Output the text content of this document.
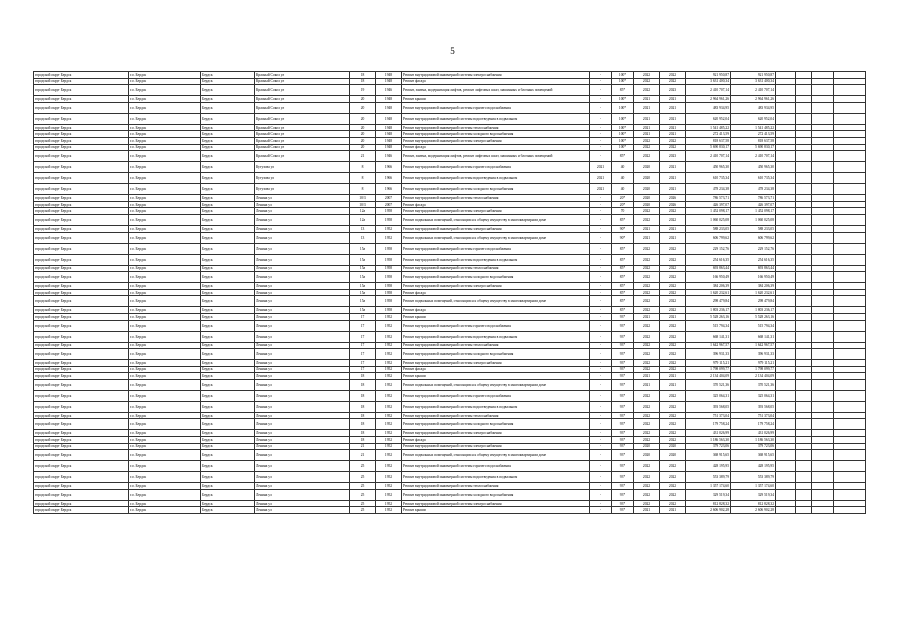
5
городской округ Бердск	г.о. Бердск	Бердск	Красный Сокол ул	18	1948	Ремонт внутридомовой инженерной системы электроснабжения	-	100*	2022	2022	921 950,87	921 950,87				
городской округ Бердск	г.о. Бердск	Бердск	Красный Сокол ул	18	1948	Ремонт фасада	-	100*	2022	2022	3 631 400,34	3 631 400,34				
городской округ Бердск	г.о. Бердск	Бердск	Красный Сокол ул	19	1946	Ремонт, замена, модернизация лифтов, ремонт лифтовых шахт, машинных и блочных помещений	-	85*	2022	2023	2 410 707,14	2 410 707,14				
городской округ Бердск	г.о. Бердск	Бердск	Красный Сокол ул	20	1948	Ремонт крыши	-	100*	2021	2021	2 964 961,26	2 964 961,26				
городской округ Бердск	г.о. Бердск	Бердск	Красный Сокол ул	20	1948	Ремонт внутридомовой инженерной системы горячего водоснабжения	-	100*	2021	2021	483 934,95	483 934,95				
городской округ Бердск	г.о. Бердск	Бердск	Красный Сокол ул	20	1948	Ремонт внутридомовой инженерной системы водоотведения в подвальном	-	100*	2021	2021	620 952,04	620 952,04				
городской округ Бердск	г.о. Бердск	Бердск	Красный Сокол ул	20	1948	Ремонт внутридомовой инженерной системы теплоснабжения	-	100*	2021	2021	1 541 485,22	1 541 485,22				
городской округ Бердск	г.о. Бердск	Бердск	Красный Сокол ул	20	1948	Ремонт внутридомовой инженерной системы холодного водоснабжения	-	100*	2021	2021	272 413,59	272 413,59				
городской округ Бердск	г.о. Бердск	Бердск	Красный Сокол ул	20	1948	Ремонт внутридомовой инженерной системы электроснабжения	-	100*	2022	2022	818 637,58	818 637,58				
городской округ Бердск	г.о. Бердск	Бердск	Красный Сокол ул	20	1948	Ремонт фасада	-	100*	2022	2022	5 690 830,17	5 690 830,17				
городской округ Бердск	г.о. Бердск	Бердск	Красный Сокол ул	21	1946	Ремонт, замена, модернизация лифтов, ремонт лифтовых шахт, машинных и блочных помещений	-	85*	2022	2023	2 410 707,14	2 410 707,14				
городской округ Бердск	г.о. Бердск	Бердск	Кутузова ул	8	1966	Ремонт внутридомовой инженерной системы горячего водоснабжения	2021	40	2020	2021	450 965,30	450 965,30				
городской округ Бердск	г.о. Бердск	Бердск	Кутузова ул	8	1966	Ремонт внутридомовой инженерной системы водоотведения в подвальном	2021	40	2020	2021	610 735,34	610 735,34				
городской округ Бердск	г.о. Бердск	Бердск	Кутузова ул	8	1966	Ремонт внутридомовой инженерной системы холодного водоснабжения	2021	40	2020	2021	478 234,38	478 234,38				
городской округ Бердск	г.о. Бердск	Бердск	Ленина ул	10/3	2007	Ремонт внутридомовой инженерной системы теплоснабжения	-	20*	2020	2026	786 573,71	786 573,71				
городской округ Бердск	г.о. Бердск	Бердск	Ленина ул	10/3	2007	Ремонт фасада	-	20*	2020	2026	426 397,07	426 397,07				
городской округ Бердск	г.о. Бердск	Бердск	Ленина ул	12а	1958	Ремонт внутридомовой инженерной системы электроснабжения	-	70	2022	2022	1 452 098,17	1 452 098,17				
городской округ Бердск	г.о. Бердск	Бердск	Ленина ул	12а	1958	Ремонт подвальных помещений, относящихся к общему имуществу в многоквартирном доме	-	85*	2022	2022	1 060 025,08	1 060 025,08				
городской округ Бердск	г.о. Бердск	Бердск	Ленина ул	13	1952	Ремонт внутридомовой инженерной системы электроснабжения	-	90*	2021	2021	588 233,05	588 233,05				
городской округ Бердск	г.о. Бердск	Бердск	Ленина ул	13	1952	Ремонт подвальных помещений, относящихся к общему имуществу в многоквартирном доме	-	90*	2021	2021	606 799,62	606 799,62				
городской округ Бердск	г.о. Бердск	Бердск	Ленина ул	15а	1958	Ремонт внутридомовой инженерной системы горячего водоснабжения	-	85*	2022	2022	229 152,76	229 152,76				
городской округ Бердск	г.о. Бердск	Бердск	Ленина ул	15а	1958	Ремонт внутридомовой инженерной системы водоотведения в подвальном	-	85*	2022	2022	254 616,35	254 616,35				
городской округ Бердск	г.о. Бердск	Бердск	Ленина ул	15а	1958	Ремонт внутридомовой инженерной системы теплоснабжения	-	85*	2022	2022	693 863,44	693 863,44				
городской округ Бердск	г.о. Бердск	Бердск	Ленина ул	15а	1958	Ремонт внутридомовой инженерной системы холодного водоснабжения	-	85*	2022	2022	166 950,49	166 950,49				
городской округ Бердск	г.о. Бердск	Бердск	Ленина ул	15а	1958	Ремонт внутридомовой инженерной системы электроснабжения	-	85*	2022	2022	384 206,39	384 206,39				
городской округ Бердск	г.о. Бердск	Бердск	Ленина ул	15а	1958	Ремонт фасада	-	85*	2022	2022	1 620 232,61	1 620 232,61				
городской округ Бердск	г.о. Бердск	Бердск	Ленина ул	15а	1958	Ремонт подвальных помещений, относящихся к общему имуществу в многоквартирном доме	-	85*	2022	2022	298 479,84	298 479,84				
городской округ Бердск	г.о. Бердск	Бердск	Ленина ул	15а	1958	Ремонт фасада	-	85*	2022	2022	1 803 236,17	1 803 236,17				
городской округ Бердск	г.о. Бердск	Бердск	Ленина ул	17	1952	Ремонт крыши	-	93*	2021	2021	5 528 263,16	5 528 263,16				
городской округ Бердск	г.о. Бердск	Бердск	Ленина ул	17	1952	Ремонт внутридомовой инженерной системы горячего водоснабжения	-	93*	2022	2022	515 794,34	515 794,34				
городской округ Бердск	г.о. Бердск	Бердск	Ленина ул	17	1952	Ремонт внутридомовой инженерной системы водоотведения в подвальном	-	93*	2022	2022	668 141,31	668 141,31				
городской округ Бердск	г.о. Бердск	Бердск	Ленина ул	17	1952	Ремонт внутридомовой инженерной системы теплоснабжения	-	93*	2022	2022	1 642 967,57	1 642 967,57				
городской округ Бердск	г.о. Бердск	Бердск	Ленина ул	17	1952	Ремонт внутридомовой инженерной системы холодного водоснабжения	-	93*	2022	2022	396 931,33	396 931,33				
городской округ Бердск	г.о. Бердск	Бердск	Ленина ул	17	1952	Ремонт внутридомовой инженерной системы электроснабжения	-	93*	2022	2022	979 115,21	979 115,21				
городской округ Бердск	г.о. Бердск	Бердск	Ленина ул	17	1952	Ремонт фасада	-	93*	2022	2022	1 798 099,77	1 798 099,77				
городской округ Бердск	г.о. Бердск	Бердск	Ленина ул	18	1952	Ремонт крыши	-	93*	2021	2021	2 134 404,09	2 134 404,09				
городской округ Бердск	г.о. Бердск	Бердск	Ленина ул	18	1952	Ремонт подвальных помещений, относящихся к общему имуществу в многоквартирном доме	-	93*	2021	2021	370 521,36	370 521,36				
городской округ Бердск	г.о. Бердск	Бердск	Ленина ул	18	1952	Ремонт внутридомовой инженерной системы горячего водоснабжения	-	93*	2022	2022	325 064,31	325 064,31				
городской округ Бердск	г.о. Бердск	Бердск	Ленина ул	18	1952	Ремонт внутридомовой инженерной системы водоотведения в подвальном	-	93*	2022	2022	393 568,05	393 568,05				
городской округ Бердск	г.о. Бердск	Бердск	Ленина ул	18	1952	Ремонт внутридомовой инженерной системы теплоснабжения	-	93*	2022	2022	751 373,04	751 373,04				
городской округ Бердск	г.о. Бердск	Бердск	Ленина ул	18	1952	Ремонт внутридомовой инженерной системы холодного водоснабжения	-	93*	2022	2022	179 758,24	179 758,24				
городской округ Бердск	г.о. Бердск	Бердск	Ленина ул	18	1952	Ремонт внутридомовой инженерной системы электроснабжения	-	93*	2022	2022	431 026,99	431 026,99				
городской округ Бердск	г.о. Бердск	Бердск	Ленина ул	18	1952	Ремонт фасада	-	93*	2022	2022	1 186 563,30	1 186 563,30				
городской округ Бердск	г.о. Бердск	Бердск	Ленина ул	21	1952	Ремонт внутридомовой инженерной системы электроснабжения	-	93*	2020	2020	379 723,06	379 723,06				
городской округ Бердск	г.о. Бердск	Бердск	Ленина ул	21	1952	Ремонт подвальных помещений, относящихся к общему имуществу в многоквартирном доме	-	93*	2020	2020	368 915,65	368 915,65				
городской округ Бердск	г.о. Бердск	Бердск	Ленина ул	25	1952	Ремонт внутридомовой инженерной системы горячего водоснабжения	-	93*	2022	2022	428 195,95	428 195,95				
городской округ Бердск	г.о. Бердск	Бердск	Ленина ул	25	1952	Ремонт внутридомовой инженерной системы водоотведения в подвальном	-	93*	2022	2022	553 389,79	553 389,79				
городской округ Бердск	г.о. Бердск	Бердск	Ленина ул	25	1952	Ремонт внутридомовой инженерной системы теплоснабжения	-	93*	2022	2022	1 357 174,60	1 357 174,60				
городской округ Бердск	г.о. Бердск	Бердск	Ленина ул	25	1952	Ремонт внутридомовой инженерной системы холодного водоснабжения	-	93*	2022	2022	329 519,34	329 519,34				
городской округ Бердск	г.о. Бердск	Бердск	Ленина ул	25	1952	Ремонт внутридомовой инженерной системы электроснабжения	-	93*	2022	2022	812 828,32	812 828,32				
городской округ Бердск	г.о. Бердск	Бердск	Ленина ул	25	1952	Ремонт крыши	-	93*	2021	2021	2 606 902,28	2 606 902,28				
